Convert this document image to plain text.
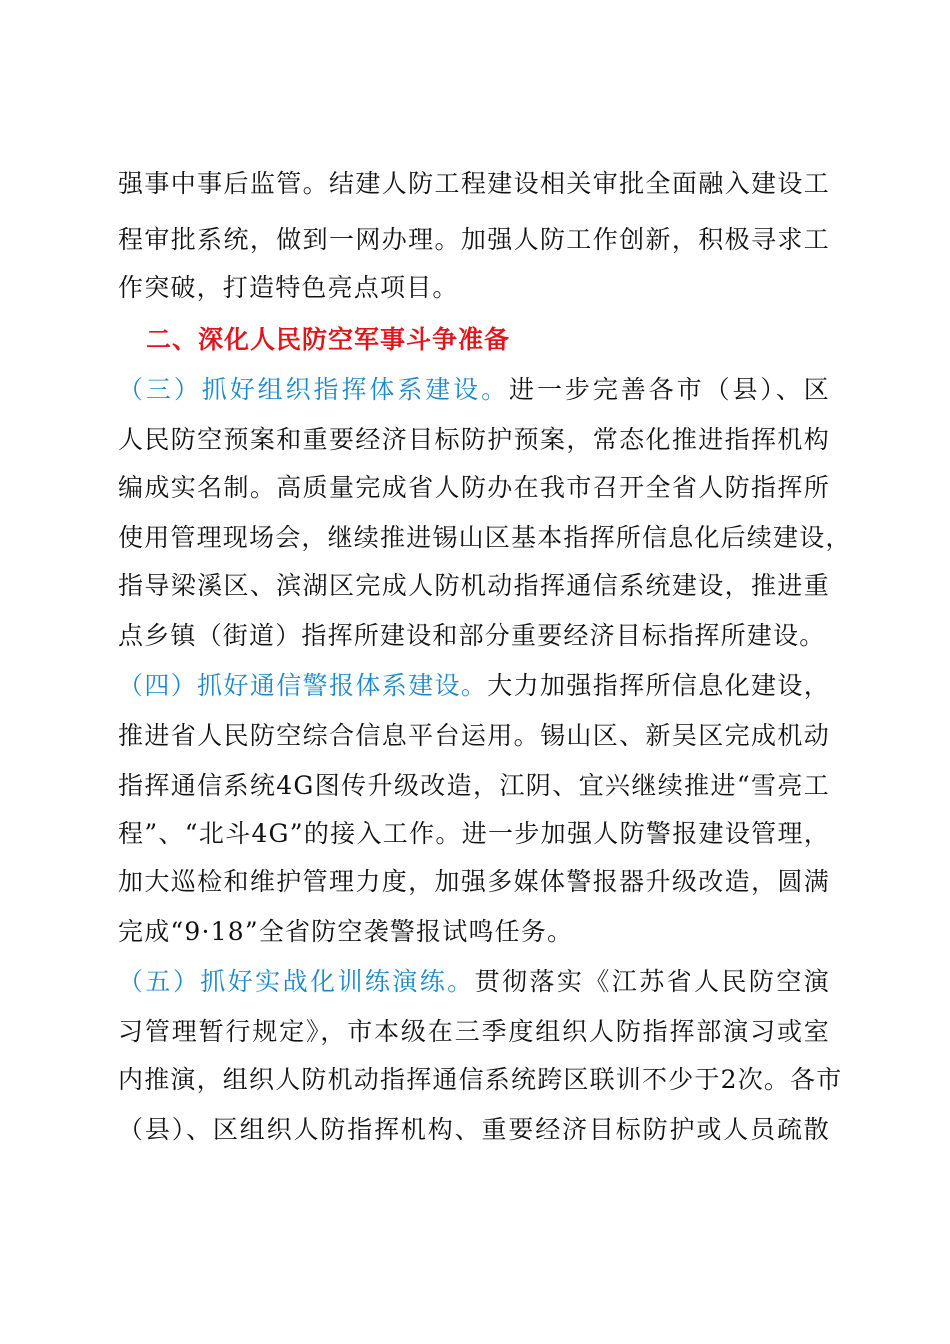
强事中事后监管。结建人防工程建设相关审批全面融入建设工
程审批系统，做到一网办理。加强人防工作创新，积极寻求工
作突破，打造特色亮点项目。
二、深化人民防空军事斗争准备
（三）抓好组织指挥体系建设。进一步完善各市（县）、区
人民防空预案和重要经济目标防护预案，常态化推进指挥机构
编成实名制。高质量完成省人防办在我市召开全省人防指挥所
使用管理现场会，继续推进锡山区基本指挥所信息化后续建设，
指导梁溪区、滨湖区完成人防机动指挥通信系统建设，推进重
点乡镇（街道）指挥所建设和部分重要经济目标指挥所建设。
（四）抓好通信警报体系建设。大力加强指挥所信息化建设，
推进省人民防空综合信息平台运用。锡山区、新吴区完成机动
指挥通信系统4G图传升级改造，江阴、宜兴继续推进“雪亮工
程”、“北斗4G”的接入工作。进一步加强人防警报建设管理，
加大巡检和维护管理力度，加强多媒体警报器升级改造，圆满
完成“9·18”全省防空袭警报试鸣任务。
（五）抓好实战化训练演练。贯彻落实《江苏省人民防空演
习管理暂行规定》，市本级在三季度组织人防指挥部演习或室
内推演，组织人防机动指挥通信系统跨区联训不少于2次。各市
（县）、区组织人防指挥机构、重要经济目标防护或人员疏散
